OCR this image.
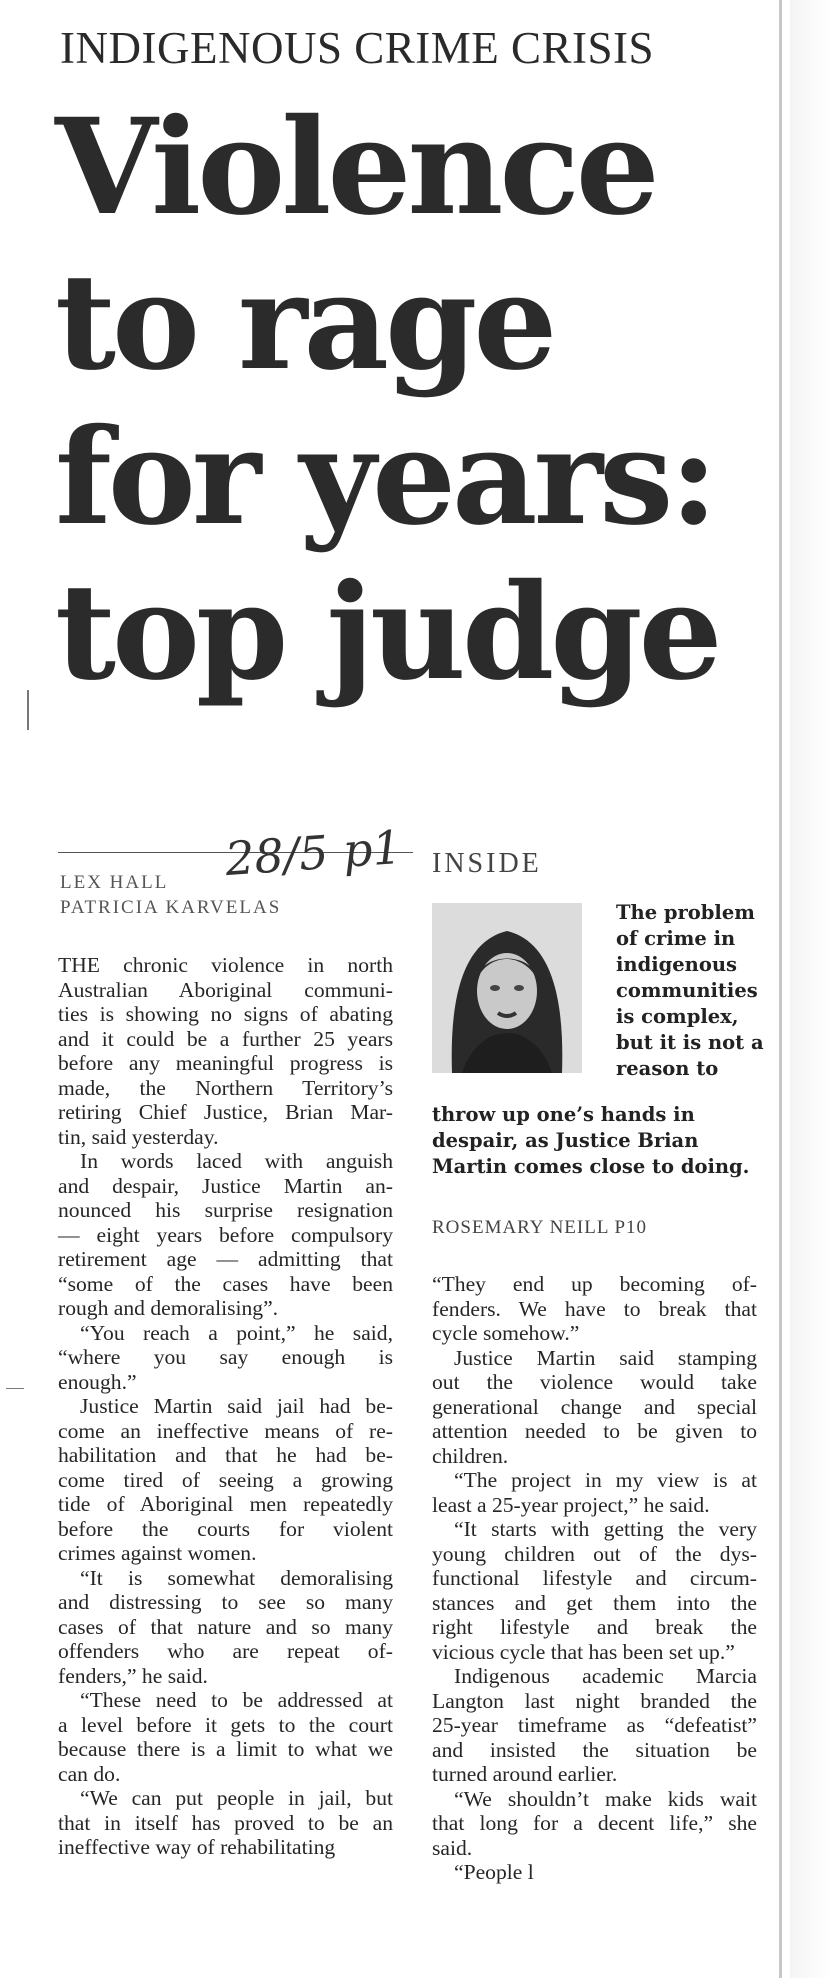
INDIGENOUS CRIME CRISIS
Violence
to rage
for years:
top judge
28/5 p1
LEX HALL
PATRICIA KARVELAS
INSIDE
The problem
of crime in
indigenous
communities
is complex,
but it is not a
reason to
throw up one’s hands in
despair, as Justice Brian
Martin comes close to doing.
ROSEMARY NEILL P10
THE chronic violence in north
Australian Aboriginal communi-
ties is showing no signs of abating
and it could be a further 25 years
before any meaningful progress is
made, the Northern Territory’s
retiring Chief Justice, Brian Mar-
tin, said yesterday.
In words laced with anguish
and despair, Justice Martin an-
nounced his surprise resignation
— eight years before compulsory
retirement age — admitting that
“some of the cases have been
rough and demoralising”.
“You reach a point,” he said,
“where you say enough is
enough.”
Justice Martin said jail had be-
come an ineffective means of re-
habilitation and that he had be-
come tired of seeing a growing
tide of Aboriginal men repeatedly
before the courts for violent
crimes against women.
“It is somewhat demoralising
and distressing to see so many
cases of that nature and so many
offenders who are repeat of-
fenders,” he said.
“These need to be addressed at
a level before it gets to the court
because there is a limit to what we
can do.
“We can put people in jail, but
that in itself has proved to be an
ineffective way of rehabilitating
“They end up becoming of-
fenders. We have to break that
cycle somehow.”
Justice Martin said stamping
out the violence would take
generational change and special
attention needed to be given to
children.
“The project in my view is at
least a 25-year project,” he said.
“It starts with getting the very
young children out of the dys-
functional lifestyle and circum-
stances and get them into the
right lifestyle and break the
vicious cycle that has been set up.”
Indigenous academic Marcia
Langton last night branded the
25-year timeframe as “defeatist”
and insisted the situation be
turned around earlier.
“We shouldn’t make kids wait
that long for a decent life,” she
said.
“People l
